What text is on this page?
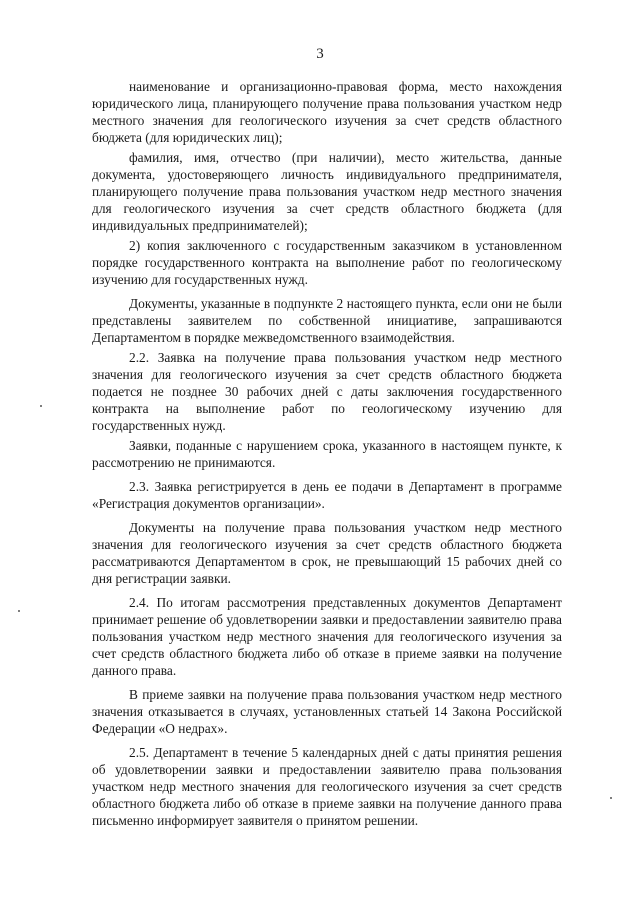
3

наименование и организационно-правовая форма, место нахождения юридического лица, планирующего получение права пользования участком недр местного значения для геологического изучения за счет средств областного бюджета (для юридических лиц);

фамилия, имя, отчество (при наличии), место жительства, данные документа, удостоверяющего личность индивидуального предпринимателя, планирующего получение права пользования участком недр местного значения для геологического изучения за счет средств областного бюджета (для индивидуальных предпринимателей);

2) копия заключенного с государственным заказчиком в установленном порядке государственного контракта на выполнение работ по геологическому изучению для государственных нужд.

Документы, указанные в подпункте 2 настоящего пункта, если они не были представлены заявителем по собственной инициативе, запрашиваются Департаментом в порядке межведомственного взаимодействия.

2.2. Заявка на получение права пользования участком недр местного значения для геологического изучения за счет средств областного бюджета подается не позднее 30 рабочих дней с даты заключения государственного контракта на выполнение работ по геологическому изучению для государственных нужд.

Заявки, поданные с нарушением срока, указанного в настоящем пункте, к рассмотрению не принимаются.

2.3. Заявка регистрируется в день ее подачи в Департамент в программе «Регистрация документов организации».

Документы на получение права пользования участком недр местного значения для геологического изучения за счет средств областного бюджета рассматриваются Департаментом в срок, не превышающий 15 рабочих дней со дня регистрации заявки.

2.4. По итогам рассмотрения представленных документов Департамент принимает решение об удовлетворении заявки и предоставлении заявителю права пользования участком недр местного значения для геологического изучения за счет средств областного бюджета либо об отказе в приеме заявки на получение данного права.

В приеме заявки на получение права пользования участком недр местного значения отказывается в случаях, установленных статьей 14 Закона Российской Федерации «О недрах».

2.5. Департамент в течение 5 календарных дней с даты принятия решения об удовлетворении заявки и предоставлении заявителю права пользования участком недр местного значения для геологического изучения за счет средств областного бюджета либо об отказе в приеме заявки на получение данного права письменно информирует заявителя о принятом решении.
